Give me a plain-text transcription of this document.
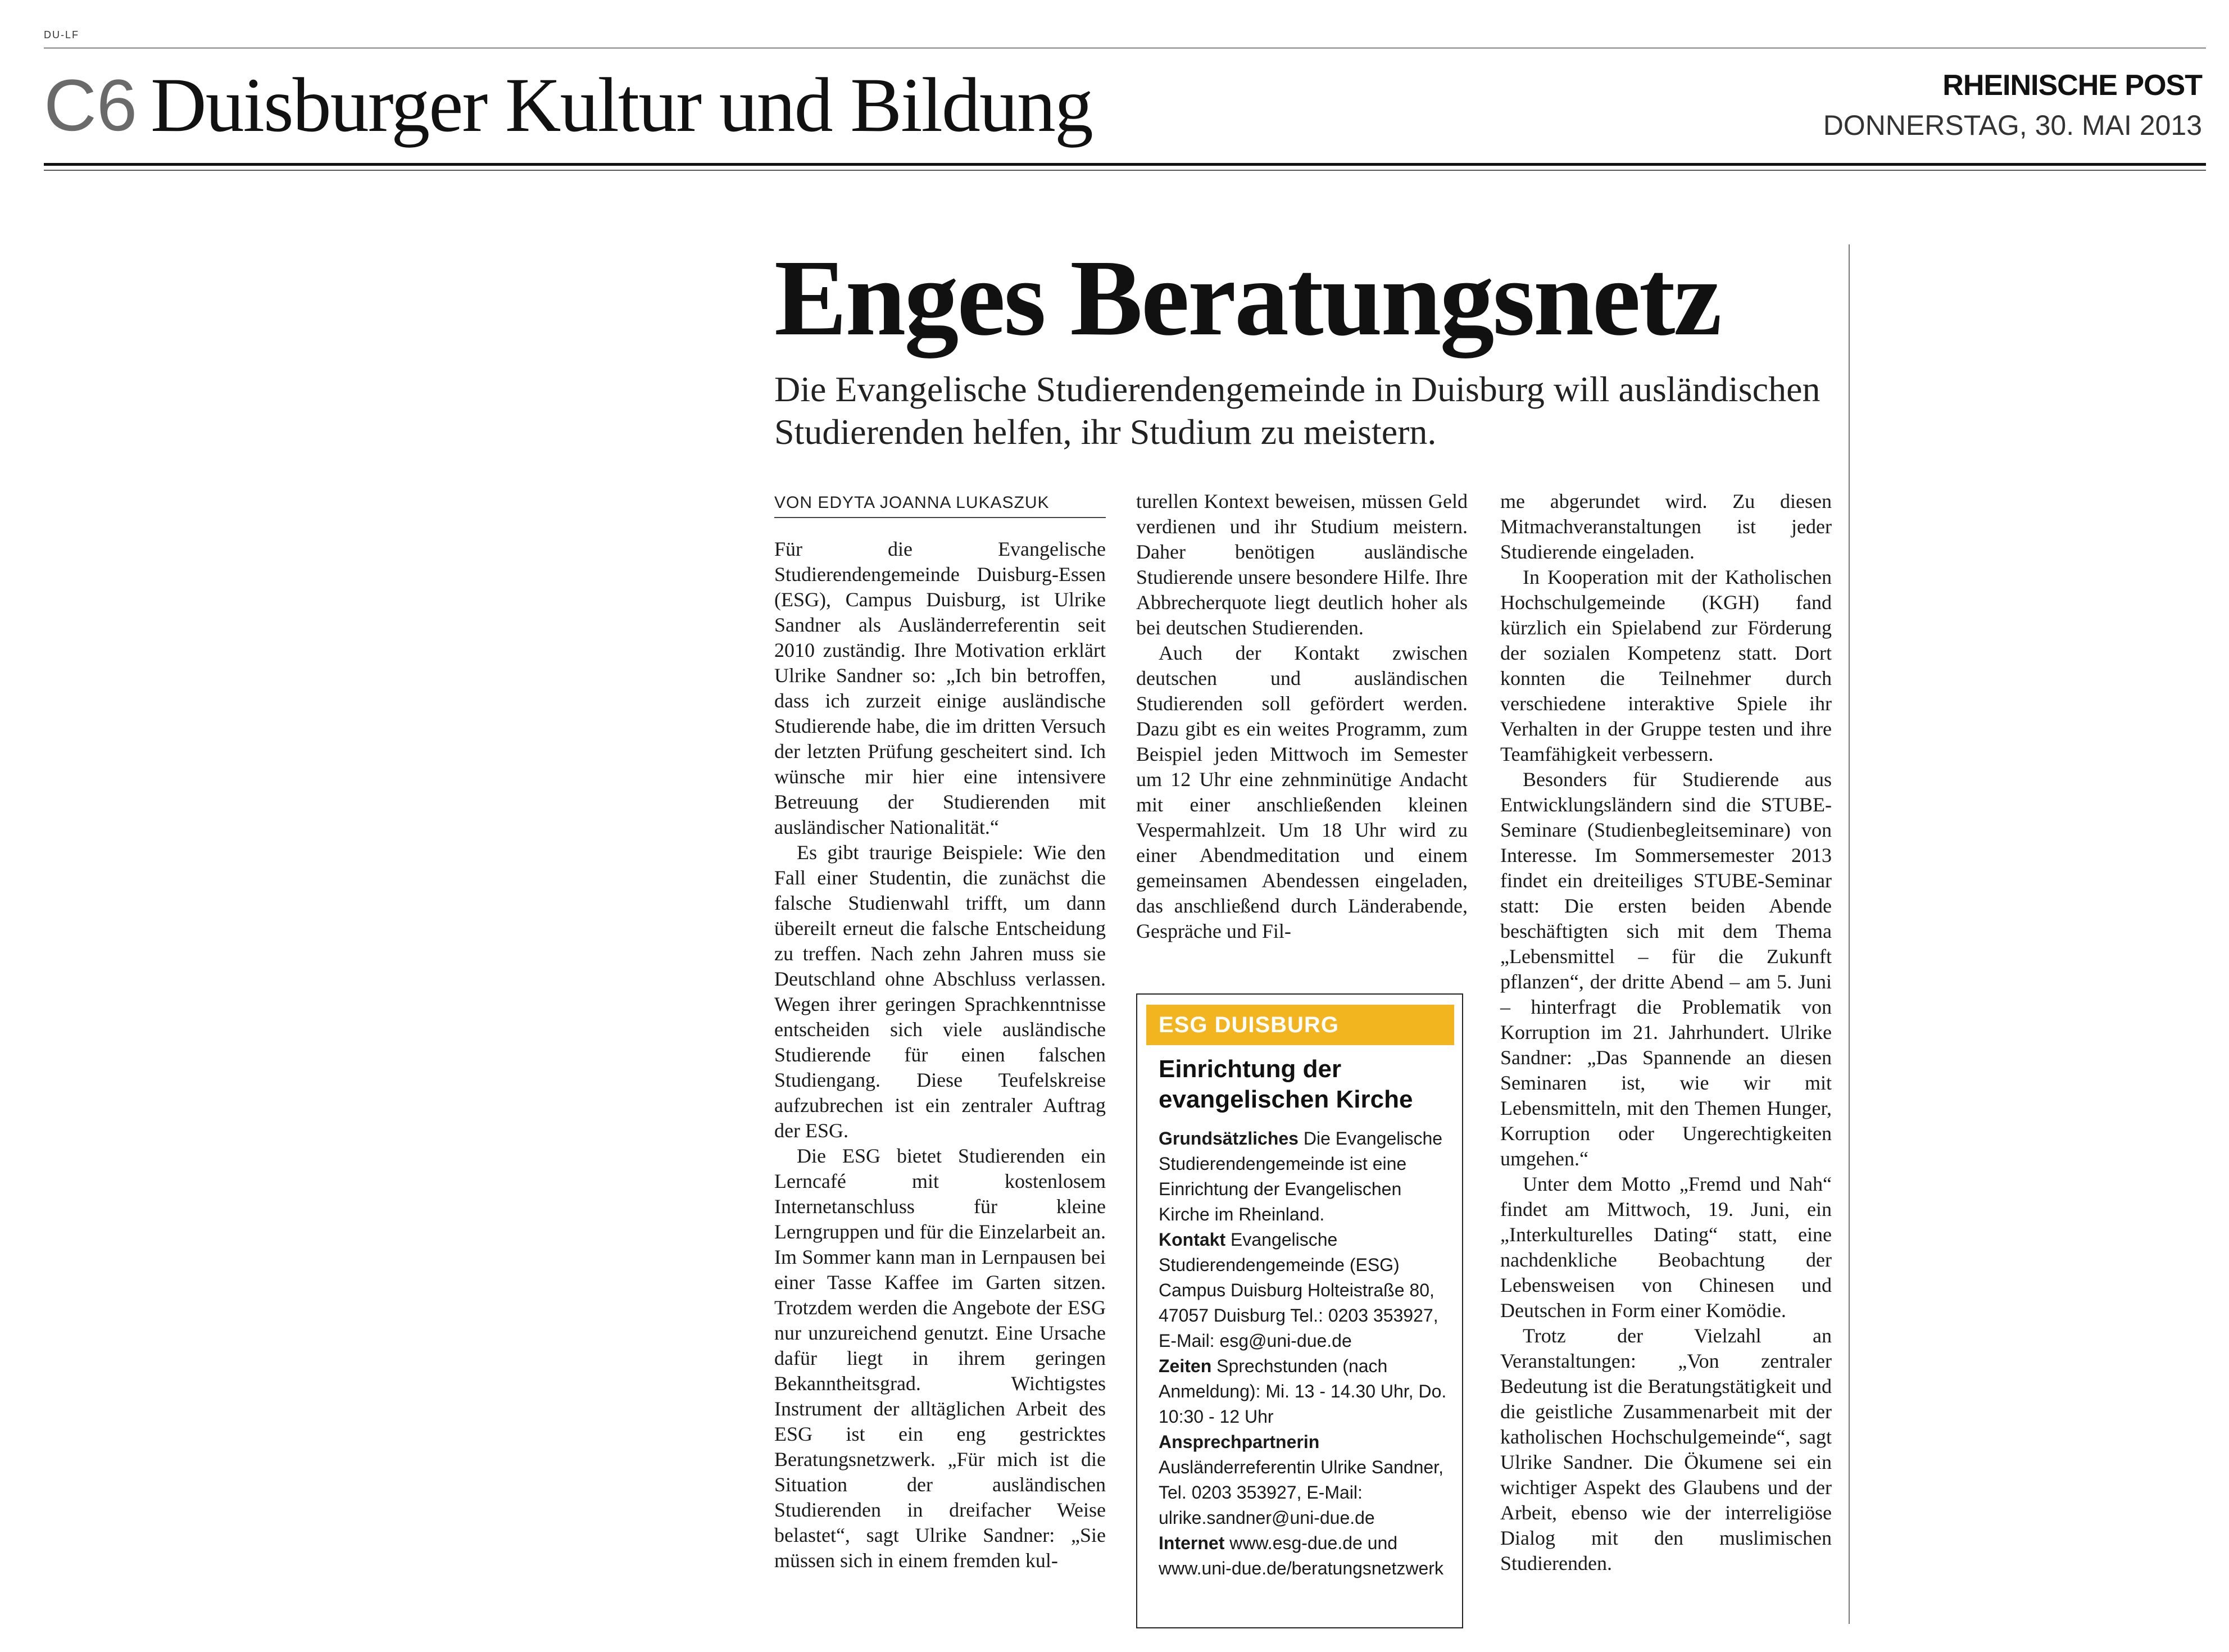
DU-LF
C6 Duisburger Kultur und Bildung	RHEINISCHE POST
DONNERSTAG, 30. MAI 2013
Enges Beratungsnetz
Die Evangelische Studierendengemeinde in Duisburg will ausländischen Studierenden helfen, ihr Studium zu meistern.
VON EDYTA JOANNA LUKASZUK

Für die Evangelische Studierendengemeinde Duisburg-Essen (ESG), Campus Duisburg, ist Ulrike Sandner als Ausländerreferentin seit 2010 zuständig. Ihre Motivation erklärt Ulrike Sandner so: „Ich bin betroffen, dass ich zurzeit einige ausländische Studierende habe, die im dritten Versuch der letzten Prüfung gescheitert sind. Ich wünsche mir hier eine intensivere Betreuung der Studierenden mit ausländischer Nationalität.“

Es gibt traurige Beispiele: Wie den Fall einer Studentin, die zunächst die falsche Studienwahl trifft, um dann übereilt erneut die falsche Entscheidung zu treffen. Nach zehn Jahren muss sie Deutschland ohne Abschluss verlassen. Wegen ihrer geringen Sprachkenntnisse entscheiden sich viele ausländische Studierende für einen falschen Studiengang. Diese Teufelskreise aufzubrechen ist ein zentraler Auftrag der ESG.

Die ESG bietet Studierenden ein Lerncafé mit kostenlosem Internetanschluss für kleine Lerngruppen und für die Einzelarbeit an. Im Sommer kann man in Lernpausen bei einer Tasse Kaffee im Garten sitzen. Trotzdem werden die Angebote der ESG nur unzureichend genutzt. Eine Ursache dafür liegt in ihrem geringen Bekanntheitsgrad. Wichtigstes Instrument der alltäglichen Arbeit des ESG ist ein eng gestricktes Beratungsnetzwerk. „Für mich ist die Situation der ausländischen Studierenden in dreifacher Weise belastet“, sagt Ulrike Sandner: „Sie müssen sich in einem fremden kul-

turellen Kontext beweisen, müssen Geld verdienen und ihr Studium meistern. Daher benötigen ausländische Studierende unsere besondere Hilfe. Ihre Abbrecherquote liegt deutlich hoher als bei deutschen Studierenden.

Auch der Kontakt zwischen deutschen und ausländischen Studierenden soll gefördert werden. Dazu gibt es ein weites Programm, zum Beispiel jeden Mittwoch im Semester um 12 Uhr eine zehnminütige Andacht mit einer anschließenden kleinen Vespermahlzeit. Um 18 Uhr wird zu einer Abendmeditation und einem gemeinsamen Abendessen eingeladen, das anschließend durch Länderabende, Gespräche und Fil-

me abgerundet wird. Zu diesen Mitmachveranstaltungen ist jeder Studierende eingeladen.

In Kooperation mit der Katholischen Hochschulgemeinde (KGH) fand kürzlich ein Spielabend zur Förderung der sozialen Kompetenz statt. Dort konnten die Teilnehmer durch verschiedene interaktive Spiele ihr Verhalten in der Gruppe testen und ihre Teamfähigkeit verbessern.

Besonders für Studierende aus Entwicklungsländern sind die STUBE-Seminare (Studienbegleitseminare) von Interesse. Im Sommersemester 2013 findet ein dreiteiliges STUBE-Seminar statt: Die ersten beiden Abende beschäftigten sich mit dem Thema „Lebensmittel – für die Zukunft pflanzen“, der dritte Abend – am 5. Juni – hinterfragt die Problematik von Korruption im 21. Jahrhundert. Ulrike Sandner: „Das Spannende an diesen Seminaren ist, wie wir mit Lebensmitteln, mit den Themen Hunger, Korruption oder Ungerechtigkeiten umgehen.“

Unter dem Motto „Fremd und Nah“ findet am Mittwoch, 19. Juni, ein „Interkulturelles Dating“ statt, eine nachdenkliche Beobachtung der Lebensweisen von Chinesen und Deutschen in Form einer Komödie.

Trotz der Vielzahl an Veranstaltungen: „Von zentraler Bedeutung ist die Beratungstätigkeit und die geistliche Zusammenarbeit mit der katholischen Hochschulgemeinde“, sagt Ulrike Sandner. Die Ökumene sei ein wichtiger Aspekt des Glaubens und der Arbeit, ebenso wie der interreligiöse Dialog mit den muslimischen Studierenden.

ESG DUISBURG
Einrichtung der evangelischen Kirche

Grundsätzliches Die Evangelische Studierendengemeinde ist eine Einrichtung der Evangelischen Kirche im Rheinland.

Kontakt Evangelische Studierendengemeinde (ESG) Campus Duisburg Holteistraße 80, 47057 Duisburg Tel.: 0203 353927, E-Mail: esg@uni-due.de

Zeiten Sprechstunden (nach Anmeldung): Mi. 13 - 14.30 Uhr, Do. 10:30 - 12 Uhr

Ansprechpartnerin Ausländerreferentin Ulrike Sandner, Tel. 0203 353927, E-Mail: ulrike.sandner@uni-due.de

Internet www.esg-due.de und www.uni-due.de/beratungsnetzwerk
